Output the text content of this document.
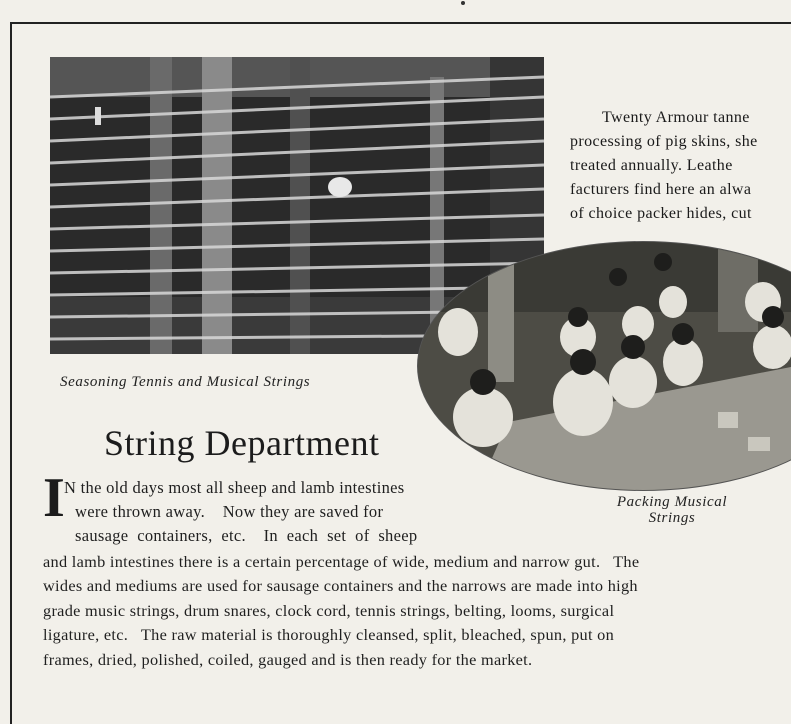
Seasoning Tennis and Musical Strings
Twenty Armour tanne
processing of pig skins, she
treated annually. Leathe
facturers find here an alwa
of choice packer hides, cut
Packing Musical
Strings
String Department
I N the old days most all sheep and lamb intestines
were thrown away.    Now they are saved for
sausage  containers,  etc.    In  each  set  of  sheep
and lamb intestines there is a certain percentage of wide, medium and narrow gut.   The
wides and mediums are used for sausage containers and the narrows are made into high
grade music strings, drum snares, clock cord, tennis strings, belting, looms, surgical
ligature, etc.   The raw material is thoroughly cleansed, split, bleached, spun, put on
frames, dried, polished, coiled, gauged and is then ready for the market.
